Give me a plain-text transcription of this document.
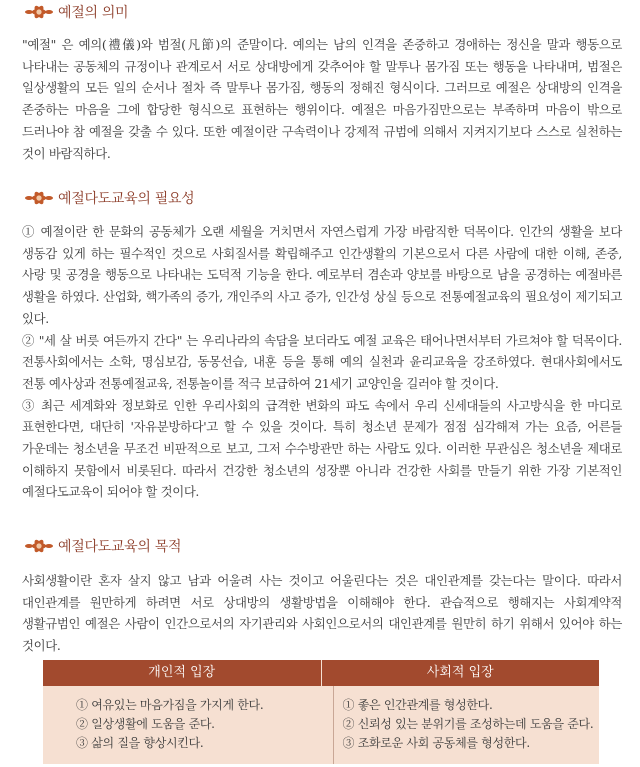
예절의 의미

"예절" 은 예의(禮儀)와 범절(凡節)의 준말이다. 예의는 남의 인격을 존중하고 경애하는 정신을 말과 행동으로 나타내는 공동체의 규정이나 관계로서 서로 상대방에게 갖추어야 할 말투나 몸가짐 또는 행동을 나타내며, 범절은 일상생활의 모든 일의 순서나 절차 즉 말투나 몸가짐, 행동의 정해진 형식이다. 그러므로 예절은 상대방의 인격을 존중하는 마음을 그에 합당한 형식으로 표현하는 행위이다. 예절은 마음가짐만으로는 부족하며 마음이 밖으로 드러나야 참 예절을 갖출 수 있다. 또한 예절이란 구속력이나 강제적 규범에 의해서 지켜지기보다 스스로 실천하는 것이 바람직하다.

예절다도교육의 필요성

① 예절이란 한 문화의 공동체가 오랜 세월을 거치면서 자연스럽게 가장 바람직한 덕목이다. 인간의 생활을 보다 생동감 있게 하는 필수적인 것으로 사회질서를 확립해주고 인간생활의 기본으로서 다른 사람에 대한 이해, 존중, 사랑 및 공경을 행동으로 나타내는 도덕적 기능을 한다. 예로부터 겸손과 양보를 바탕으로 남을 공경하는 예절바른 생활을 하였다. 산업화, 핵가족의 증가, 개인주의 사고 증가, 인간성 상실 등으로 전통예절교육의 필요성이 제기되고 있다.

② "세 살 버릇 여든까지 간다" 는 우리나라의 속담을 보더라도 예절 교육은 태어나면서부터 가르쳐야 할 덕목이다. 전통사회에서는 소학, 명심보감, 동몽선습, 내훈 등을 통해 예의 실천과 윤리교육을 강조하였다. 현대사회에서도 전통 예사상과 전통예절교육, 전통놀이를 적극 보급하여 21세기 교양인을 길러야 할 것이다.

③ 최근 세계화와 정보화로 인한 우리사회의 급격한 변화의 파도 속에서 우리 신세대들의 사고방식을 한 마디로 표현한다면, 대단히 '자유분방하다'고 할 수 있을 것이다. 특히 청소년 문제가 점점 심각해져 가는 요즘, 어른들 가운데는 청소년을 무조건 비판적으로 보고, 그저 수수방관만 하는 사람도 있다. 이러한 무관심은 청소년을 제대로 이해하지 못함에서 비롯된다. 따라서 건강한 청소년의 성장뿐 아니라 건강한 사회를 만들기 위한 가장 기본적인 예절다도교육이 되어야 할 것이다.

예절다도교육의 목적

사회생활이란 혼자 살지 않고 남과 어울려 사는 것이고 어울린다는 것은 대인관계를 갖는다는 말이다. 따라서 대인관계를 원만하게 하려면 서로 상대방의 생활방법을 이해해야 한다. 관습적으로 행해지는 사회계약적 생활규범인 예절은 사람이 인간으로서의 자기관리와 사회인으로서의 대인관계를 원만히 하기 위해서 있어야 하는 것이다.

개인적 입장	사회적 입장
① 여유있는 마음가짐을 가지게 한다.
② 일상생활에 도움을 준다.
③ 삶의 질을 향상시킨다.
① 좋은 인간관계를 형성한다.
② 신뢰성 있는 분위기를 조성하는데 도움을 준다.
③ 조화로운 사회 공동체를 형성한다.
